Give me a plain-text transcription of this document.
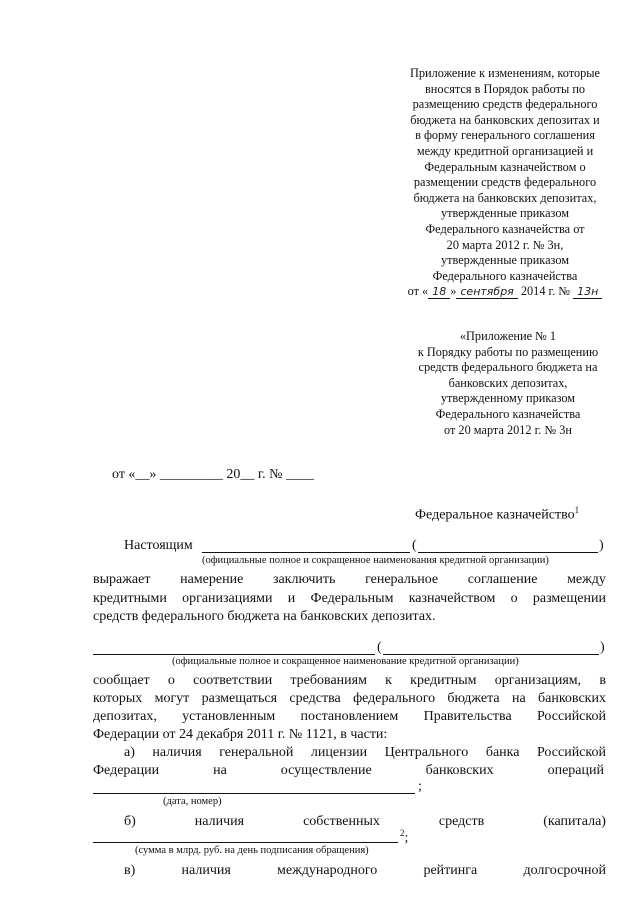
Приложение к изменениям, которые
вносятся в Порядок работы по
размещению средств федерального
бюджета на банковских депозитах и
в форму генерального соглашения
между кредитной организацией и
Федеральным казначейством о
размещении средств федерального
бюджета на банковских депозитах,
утвержденные приказом
Федерального казначейства от
20 марта 2012 г. № 3н,
утвержденные приказом
Федерального казначейства
от « 18 » сентября 2014 г. № 13н
«Приложение № 1
к Порядку работы по размещению
средств федерального бюджета на
банковских депозитах,
утвержденному приказом
Федерального казначейства
от 20 марта 2012 г. № 3н
от «__» _________ 20__ г. № ____
Федеральное казначейство$^1$
Настоящим	(	)
(официальные полное и сокращенное наименования кредитной организации)
выражает намерение заключить генеральное соглашение между
кредитными организациями и Федеральным казначейством о размещении
средств федерального бюджета на банковских депозитах.
(	)
(официальные полное и сокращенное наименование кредитной организации)
сообщает о соответствии требованиям к кредитным организациям, в
которых могут размещаться средства федерального бюджета на банковских
депозитах, установленным постановлением Правительства Российской
Федерации от 24 декабря 2011 г. № 1121, в части:
а) наличия генеральной лицензии Центрального банка Российской
Федерации	на	осуществление	банковских	операций
;
(дата, номер)
б)	наличия	собственных	средств	(капитала)
$^2$;
(сумма в млрд. руб. на день подписания обращения)
в)	наличия	международного	рейтинга	долгосрочной
